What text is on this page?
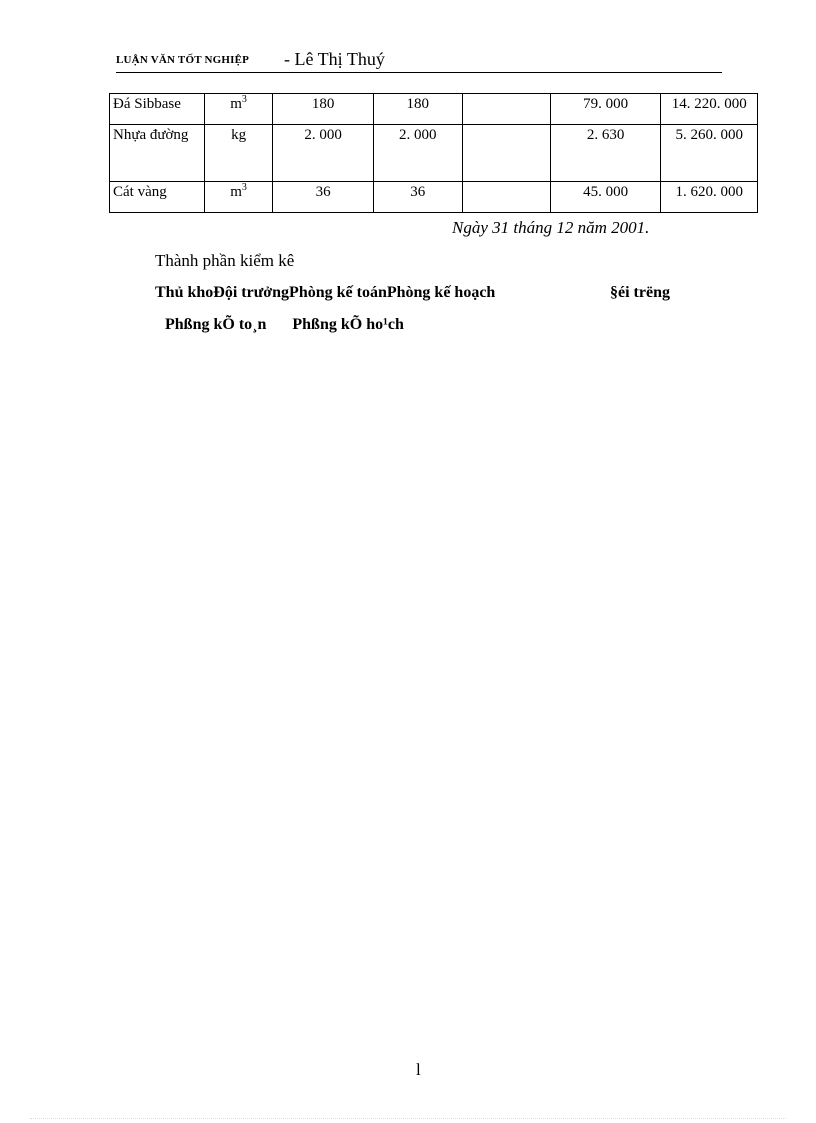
LUẬN VĂN TỐT NGHIỆP - Lê Thị Thuý
Đá Sibbase	$m^3$	180	180		79. 000	14. 220. 000
Nhựa đường	kg	2. 000	2. 000		2. 630	5. 260. 000
Cát vàng	$m^3$	36	36		45. 000	1. 620. 000
Ngày 31 tháng 12 năm 2001.
Thành phần kiểm kê
Thủ khoĐội trưởngPhòng kế toánPhòng kế hoạch	§éi trëng
Phßng kÕ to¸n Phßng kÕ ho¹ch
l
